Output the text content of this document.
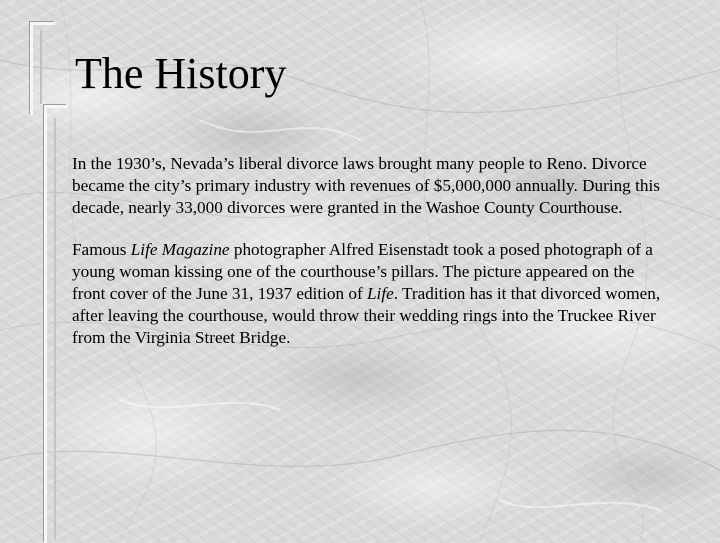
The History

In the 1930’s, Nevada’s liberal divorce laws brought many people to Reno. Divorce
became the city’s primary industry with revenues of $5,000,000 annually. During this
decade, nearly 33,000 divorces were granted in the Washoe County Courthouse.

Famous Life Magazine photographer Alfred Eisenstadt took a posed photograph of a
young woman kissing one of the courthouse’s pillars. The picture appeared on the
front cover of the June 31, 1937 edition of Life. Tradition has it that divorced women,
after leaving the courthouse, would throw their wedding rings into the Truckee River
from the Virginia Street Bridge.
